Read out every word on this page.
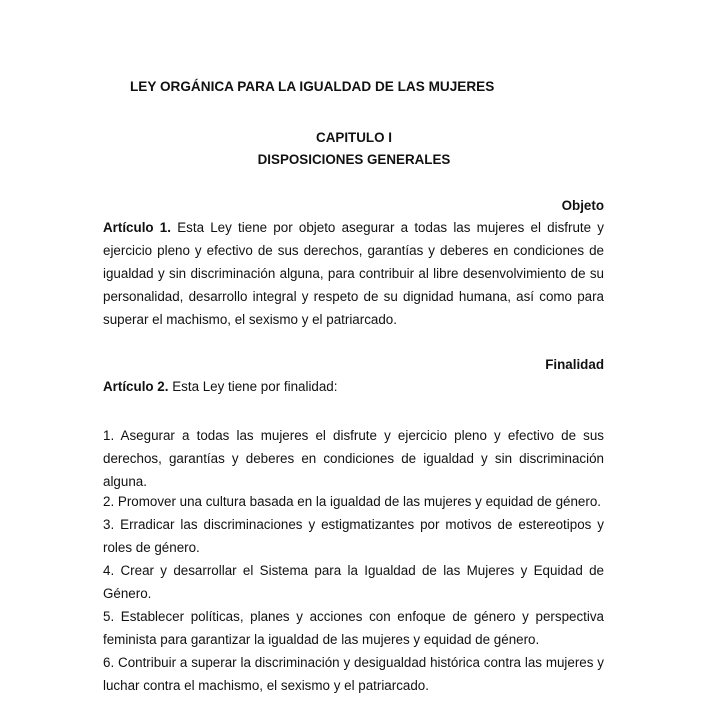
LEY ORGÁNICA PARA LA IGUALDAD DE LAS MUJERES
CAPITULO I
DISPOSICIONES GENERALES
Objeto

Artículo 1. Esta Ley tiene por objeto asegurar a todas las mujeres el disfrute y ejercicio pleno y efectivo de sus derechos, garantías y deberes en condiciones de igualdad y sin discriminación alguna, para contribuir al libre desenvolvimiento de su personalidad, desarrollo integral y respeto de su dignidad humana, así como para superar el machismo, el sexismo y el patriarcado.

Finalidad

Artículo 2. Esta Ley tiene por finalidad:

1. Asegurar a todas las mujeres el disfrute y ejercicio pleno y efectivo de sus derechos, garantías y deberes en condiciones de igualdad y sin discriminación alguna.

2. Promover una cultura basada en la igualdad de las mujeres y equidad de género.

3. Erradicar las discriminaciones y estigmatizantes por motivos de estereotipos y roles de género.

4. Crear y desarrollar el Sistema para la Igualdad de las Mujeres y Equidad de Género.

5. Establecer políticas, planes y acciones con enfoque de género y perspectiva feminista para garantizar la igualdad de las mujeres y equidad de género.

6. Contribuir a superar la discriminación y desigualdad histórica contra las mujeres y luchar contra el machismo, el sexismo y el patriarcado.
